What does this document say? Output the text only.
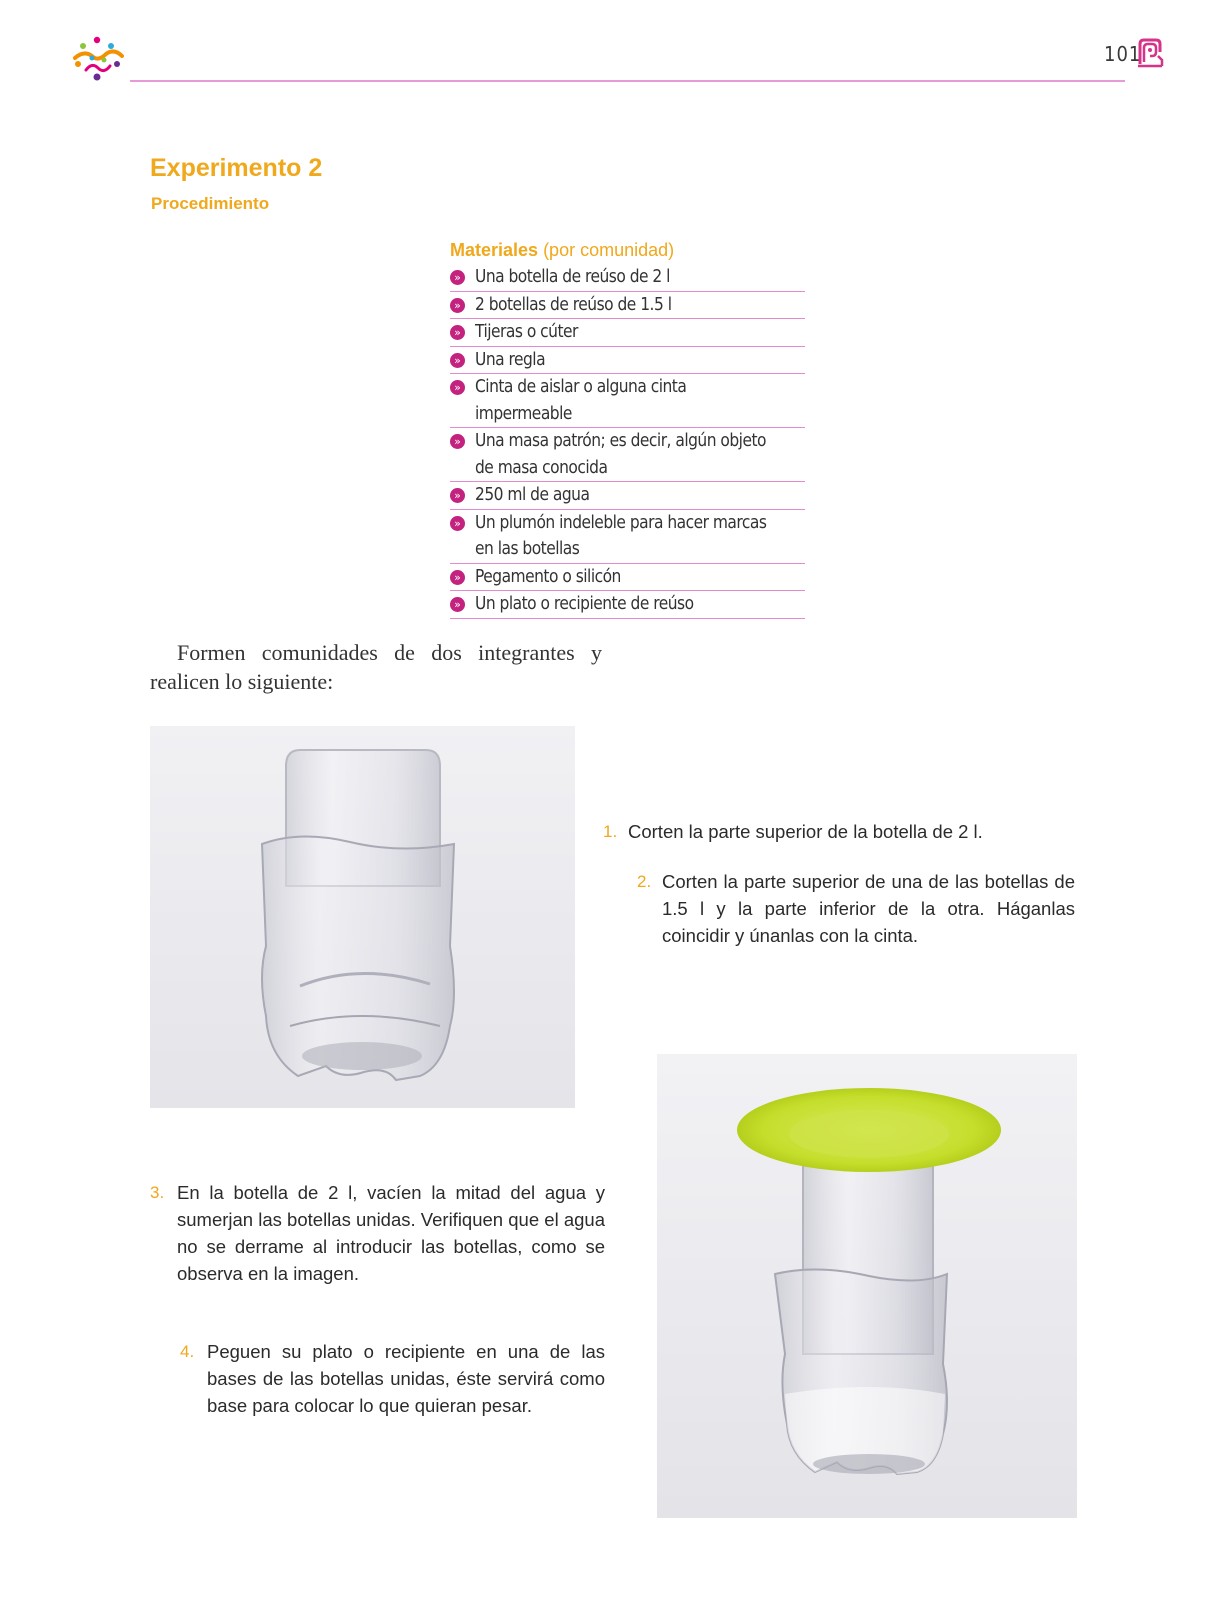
101
Experimento 2
Procedimiento
Materiales (por comunidad)
» Una botella de reúso de 2 l
» 2 botellas de reúso de 1.5 l
» Tijeras o cúter
» Una regla
» Cinta de aislar o alguna cinta
impermeable
» Una masa patrón; es decir, algún objeto
de masa conocida
» 250 ml de agua
» Un plumón indeleble para hacer marcas
en las botellas
» Pegamento o silicón
» Un plato o recipiente de reúso
Formen comunidades de dos integrantes y realicen lo siguiente:
1. Corten la parte superior de la botella de 2 l.
2. Corten la parte superior de una de las botellas de 1.5 l y la parte inferior de la otra. Háganlas coincidir y únanlas con la cinta.
3. En la botella de 2 l, vacíen la mitad del agua y sumerjan las botellas unidas. Verifiquen que el agua no se derrame al introducir las botellas, como se observa en la imagen.
4. Peguen su plato o recipiente en una de las bases de las botellas unidas, éste servirá como base para colocar lo que quieran pesar.
